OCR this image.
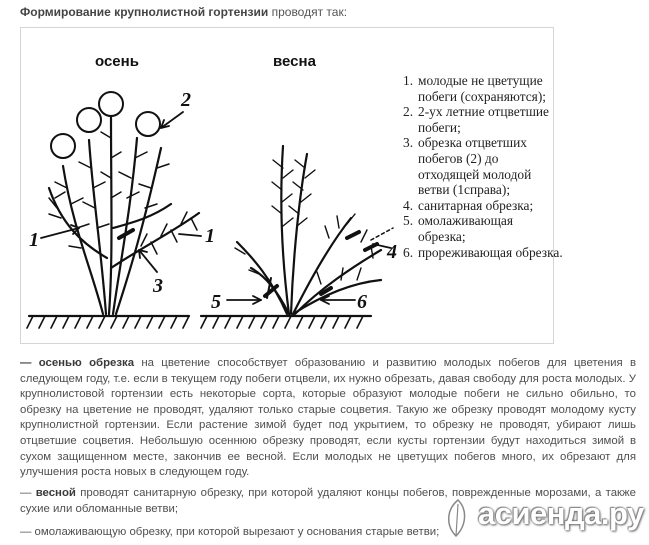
Формирование крупнолистной гортензии проводят так:
осень	весна
1
2
1
3
4
5	6
1. молодые не цветущие побеги (сохраняются);
2. 2-ух летние отцветшие побеги;
3. обрезка отцветших побегов (2) до отходящей молодой ветви (1справа);
4. санитарная обрезка;
5. омолаживающая обрезка;
6. прореживающая обрезка.
— осенью обрезка на цветение способствует образованию и развитию молодых побегов для цветения в следующем году, т.е. если в текущем году побеги отцвели, их нужно обрезать, давая свободу для роста молодых. У крупнолистовой гортензии есть некоторые сорта, которые образуют молодые побеги не сильно обильно, то обрезку на цветение не проводят, удаляют только старые соцветия. Такую же обрезку проводят молодому кусту крупнолистной гортензии. Если растение зимой будет под укрытием, то обрезку не проводят, убирают лишь отцветшие соцветия. Небольшую осеннюю обрезку проводят, если кусты гортензии будут находиться зимой в сухом защищенном месте, закончив ее весной. Если молодых не цветущих побегов много, их обрезают для улучшения роста новых в следующем году.
— весной проводят санитарную обрезку, при которой удаляют концы побегов, поврежденные морозами, а также сухие или обломанные ветви;
— омолаживающую обрезку, при которой вырезают у основания старые ветви;
асиенда.ру
